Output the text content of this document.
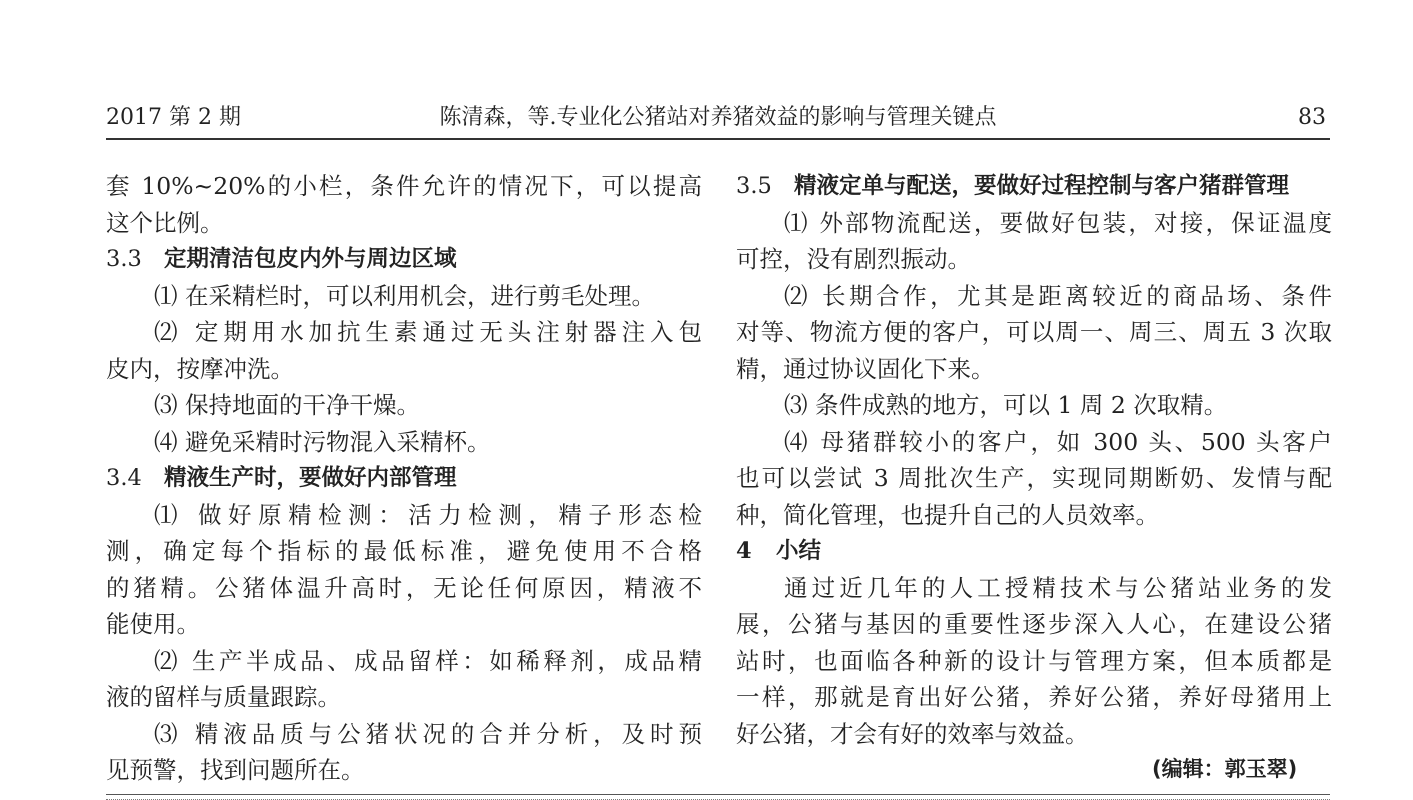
2017 第 2 期	陈清森，等.专业化公猪站对养猪效益的影响与管理关键点	83
套 10%~20%的小栏，条件允许的情况下，可以提高
这个比例。
3.3 定期清洁包皮内外与周边区域
⑴ 在采精栏时，可以利用机会，进行剪毛处理。
⑵ 定期用水加抗生素通过无头注射器注入包
皮内，按摩冲洗。
⑶ 保持地面的干净干燥。
⑷ 避免采精时污物混入采精杯。
3.4 精液生产时，要做好内部管理
⑴ 做好原精检测：活力检测，精子形态检
测，确定每个指标的最低标准，避免使用不合格
的猪精。公猪体温升高时，无论任何原因，精液不
能使用。
⑵ 生产半成品、成品留样：如稀释剂，成品精
液的留样与质量跟踪。
⑶ 精液品质与公猪状况的合并分析，及时预
见预警，找到问题所在。
3.5 精液定单与配送，要做好过程控制与客户猪群管理
⑴ 外部物流配送，要做好包装，对接，保证温度
可控，没有剧烈振动。
⑵ 长期合作，尤其是距离较近的商品场、条件
对等、物流方便的客户，可以周一、周三、周五 3 次取
精，通过协议固化下来。
⑶ 条件成熟的地方，可以 1 周 2 次取精。
⑷ 母猪群较小的客户，如 300 头、500 头客户
也可以尝试 3 周批次生产，实现同期断奶、发情与配
种，简化管理，也提升自己的人员效率。
4 小结
通过近几年的人工授精技术与公猪站业务的发
展，公猪与基因的重要性逐步深入人心，在建设公猪
站时，也面临各种新的设计与管理方案，但本质都是
一样，那就是育出好公猪，养好公猪，养好母猪用上
好公猪，才会有好的效率与效益。
(编辑：郭玉翠)
